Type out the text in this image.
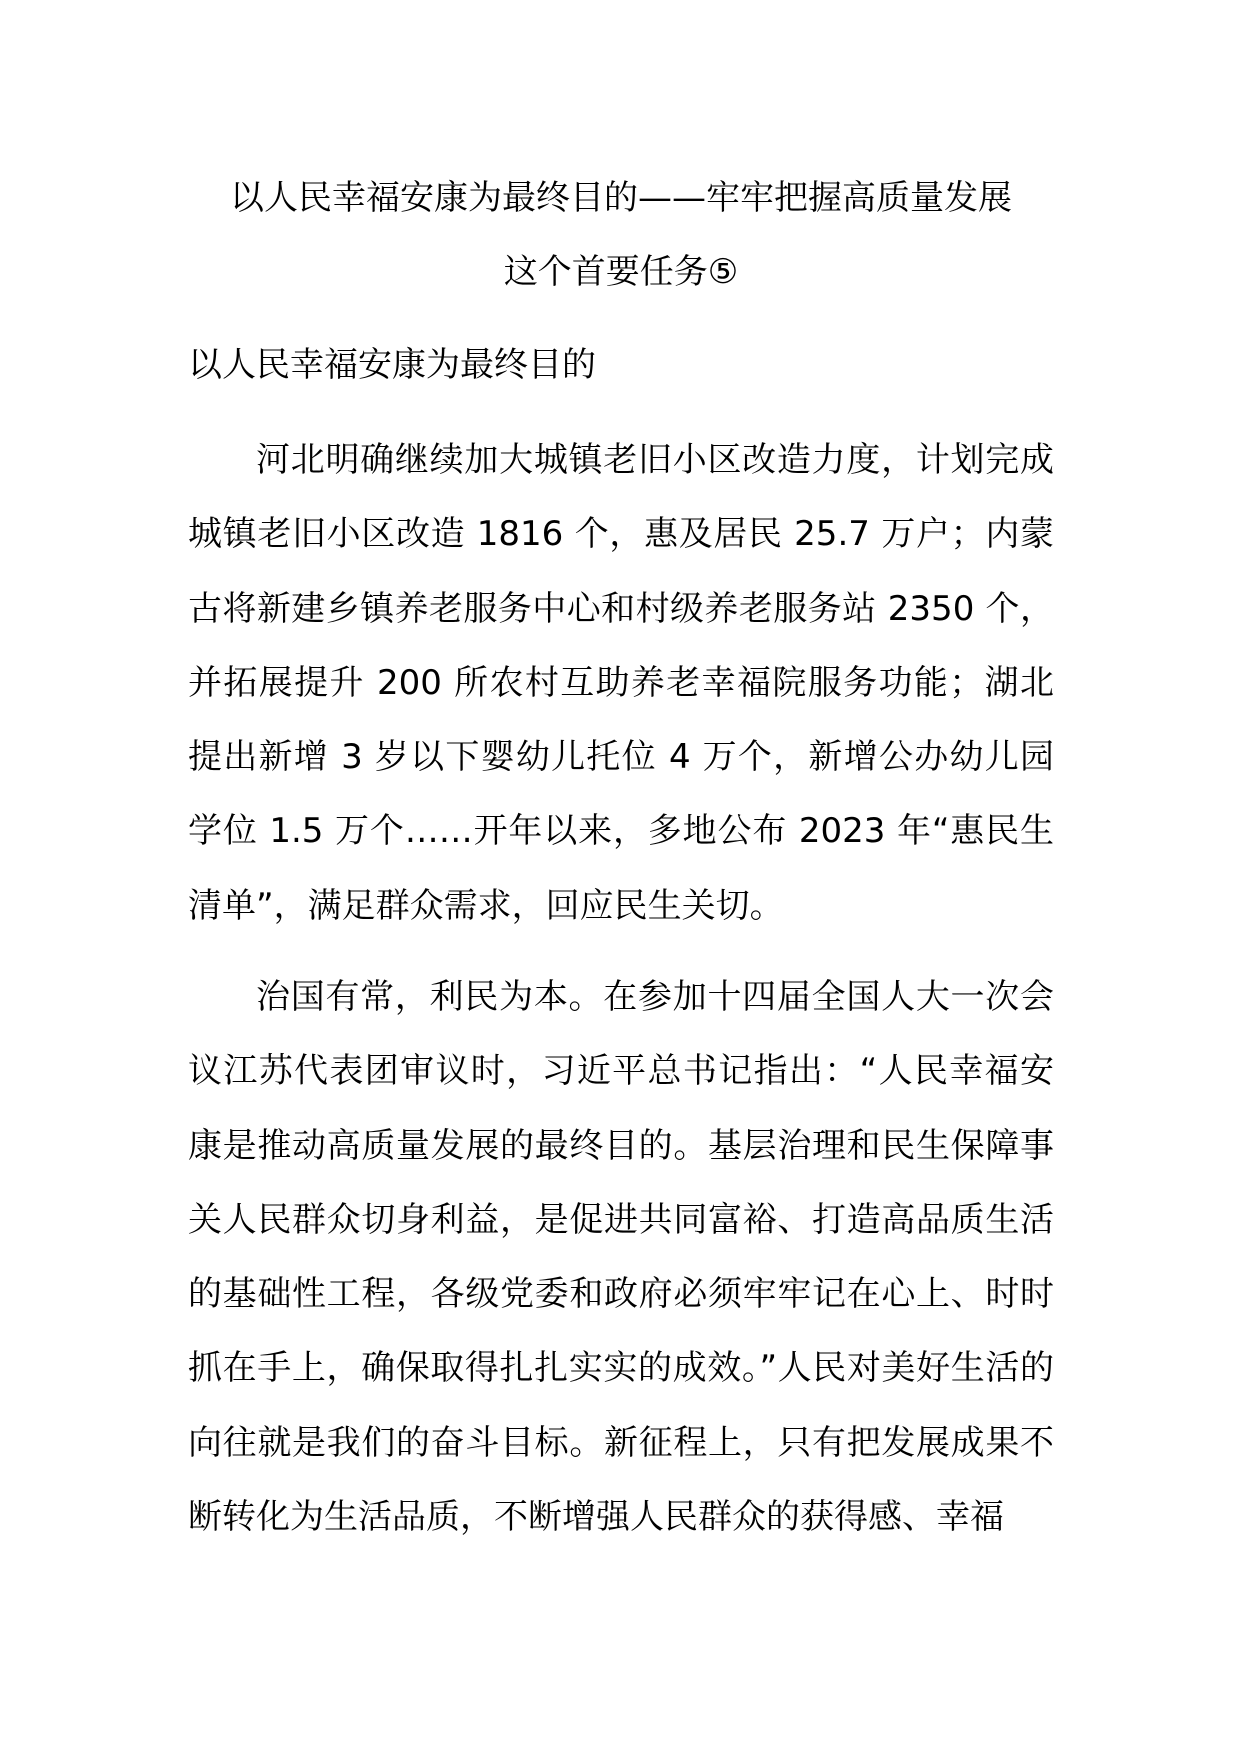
以人民幸福安康为最终目的——牢牢把握高质量发展
这个首要任务⑤
以人民幸福安康为最终目的

河北明确继续加大城镇老旧小区改造力度，计划完成城镇老旧小区改造 1816 个，惠及居民 25.7 万户；内蒙古将新建乡镇养老服务中心和村级养老服务站 2350 个，并拓展提升 200 所农村互助养老幸福院服务功能；湖北提出新增 3 岁以下婴幼儿托位 4 万个，新增公办幼儿园学位 1.5 万个……开年以来，多地公布 2023 年“惠民生清单”，满足群众需求，回应民生关切。

治国有常，利民为本。在参加十四届全国人大一次会议江苏代表团审议时，习近平总书记指出：“人民幸福安康是推动高质量发展的最终目的。基层治理和民生保障事关人民群众切身利益，是促进共同富裕、打造高品质生活的基础性工程，各级党委和政府必须牢牢记在心上、时时抓在手上，确保取得扎扎实实的成效。”人民对美好生活的向往就是我们的奋斗目标。新征程上，只有把发展成果不断转化为生活品质，不断增强人民群众的获得感、幸福
